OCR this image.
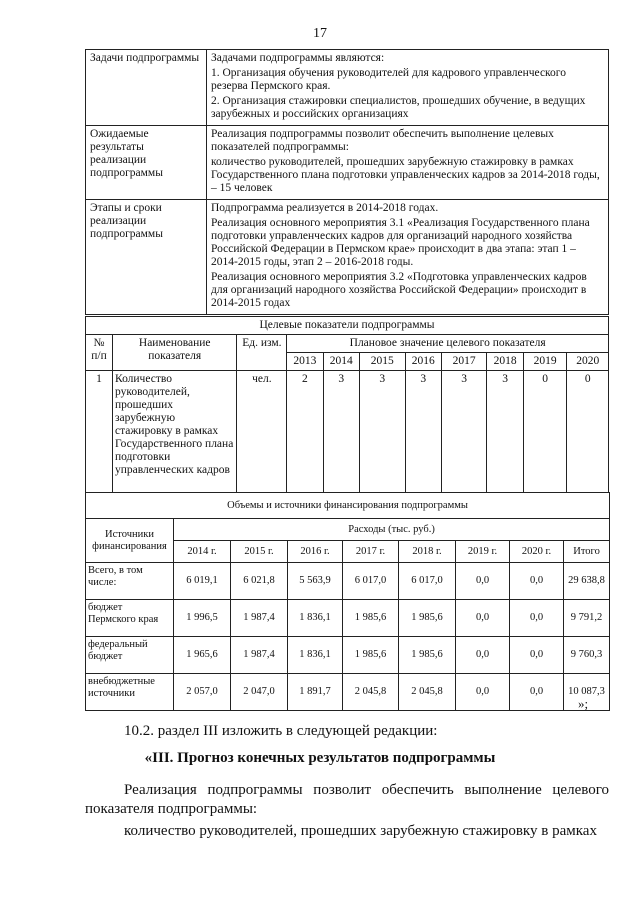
17
Задачи подпрограммы	Задачами подпрограммы являются:

1. Организация обучения руководителей для кадрового управленческого резерва Пермского края.

2. Организация стажировки специалистов, прошедших обучение, в ведущих зарубежных и российских организациях

Ожидаемые результаты реализации подпрограммы	Реализация подпрограммы позволит обеспечить выполнение целевых показателей подпрограммы:

количество руководителей, прошедших зарубежную стажировку в рамках Государственного плана подготовки управленческих кадров за 2014-2018 годы, – 15 человек

Этапы и сроки реализации подпрограммы	Подпрограмма реализуется в 2014-2018 годах.

Реализация основного мероприятия 3.1 «Реализация Государственного плана подготовки управленческих кадров для организаций народного хозяйства Российской Федерации в Пермском крае» происходит в два этапа: этап 1 – 2014-2015 годы, этап 2 – 2016-2018 годы.

Реализация основного мероприятия 3.2 «Подготовка управленческих кадров для организаций народного хозяйства Российской Федерации» происходит в 2014-2015 годах

Целевые показатели подпрограммы										
№ п/п	Наименование показателя	Ед. изм.	Плановое значение целевого показателя							
			2013	2014	2015	2016	2017	2018	2019	2020
1	Количество руководителей, прошедших зарубежную стажировку в рамках Государственного плана подготовки управленческих кадров	чел.	2	3	3	3	3	3	0	0
Объемы и источники финансирования подпрограммы								
Источники финансирования	Расходы (тыс. руб.)							
	2014 г.	2015 г.	2016 г.	2017 г.	2018 г.	2019 г.	2020 г.	Итого
Всего, в том числе:	6 019,1	6 021,8	5 563,9	6 017,0	6 017,0	0,0	0,0	29 638,8
бюджет Пермского края	1 996,5	1 987,4	1 836,1	1 985,6	1 985,6	0,0	0,0	9 791,2
федеральный бюджет	1 965,6	1 987,4	1 836,1	1 985,6	1 985,6	0,0	0,0	9 760,3
внебюджетные источники	2 057,0	2 047,0	1 891,7	2 045,8	2 045,8	0,0	0,0	10 087,3
»;
10.2. раздел III изложить в следующей редакции:
«III. Прогноз конечных результатов подпрограммы
Реализация подпрограммы позволит обеспечить выполнение целевого показателя подпрограммы:
количество руководителей, прошедших зарубежную стажировку в рамках
